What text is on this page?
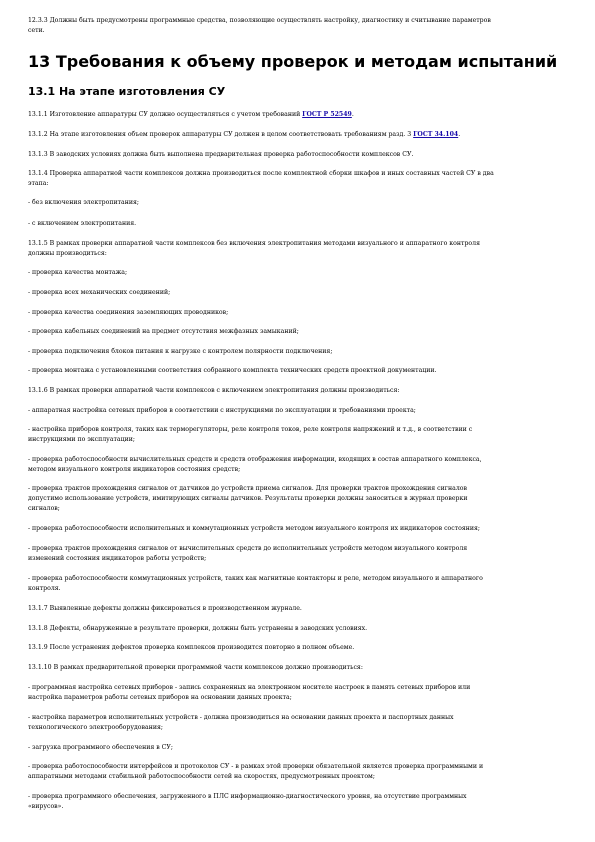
12.3.3 Должны быть предусмотрены программные средства, позволяющие осуществлять настройку, диагностику и считывание параметров
сети.

13 Требования к объему проверок и методам испытаний
13.1 На этапе изготовления СУ

13.1.1 Изготовление аппаратуры СУ должно осуществляться с учетом требований ГОСТ Р 52549.

13.1.2 На этапе изготовления объем проверок аппаратуры СУ должен в целом соответствовать требованиям разд. 3 ГОСТ 34.104.

13.1.3 В заводских условиях должна быть выполнена предварительная проверка работоспособности комплексов СУ.

13.1.4 Проверка аппаратной части комплексов должна производиться после комплектной сборки шкафов и иных составных частей СУ в два
этапа:

- без включения электропитания;

- с включением электропитания.

13.1.5 В рамках проверки аппаратной части комплексов без включения электропитания методами визуального и аппаратного контроля
должны производиться:

- проверка качества монтажа;

- проверка всех механических соединений;

- проверка качества соединения заземляющих проводников;

- проверка кабельных соединений на предмет отсутствия межфазных замыканий;

- проверка подключения блоков питания к нагрузке с контролем полярности подключения;

- проверка монтажа с установленными соответствия собранного комплекта технических средств проектной документации.

13.1.6 В рамках проверки аппаратной части комплексов с включением электропитания должны производиться:

- аппаратная настройка сетевых приборов в соответствии с инструкциями по эксплуатации и требованиями проекта;

- настройка приборов контроля, таких как терморегуляторы, реле контроля токов, реле контроля напряжений и т.д., в соответствии с
инструкциями по эксплуатации;

- проверка работоспособности вычислительных средств и средств отображения информации, входящих в состав аппаратного комплекса,
методом визуального контроля индикаторов состояния средств;

- проверка трактов прохождения сигналов от датчиков до устройств приема сигналов. Для проверки трактов прохождения сигналов
допустимо использование устройств, имитирующих сигналы датчиков. Результаты проверки должны заноситься в журнал проверки
сигналов;

- проверка работоспособности исполнительных и коммутационных устройств методом визуального контроля их индикаторов состояния;

- проверка трактов прохождения сигналов от вычислительных средств до исполнительных устройств методом визуального контроля
изменений состояния индикаторов работы устройств;

- проверка работоспособности коммутационных устройств, таких как магнитные контакторы и реле, методом визуального и аппаратного
контроля.

13.1.7 Выявленные дефекты должны фиксироваться в производственном журнале.

13.1.8 Дефекты, обнаруженные в результате проверки, должны быть устранены в заводских условиях.

13.1.9 После устранения дефектов проверка комплексов производится повторно в полном объеме.

13.1.10 В рамках предварительной проверки программной части комплексов должно производиться:

- программная настройка сетевых приборов - запись сохраненных на электронном носителе настроек в память сетевых приборов или
настройка параметров работы сетевых приборов на основании данных проекта;

- настройка параметров исполнительных устройств - должна производиться на основании данных проекта и паспортных данных
технологического электрооборудования;

- загрузка программного обеспечения в СУ;

- проверка работоспособности интерфейсов и протоколов СУ - в рамках этой проверки обязательной является проверка программными и
аппаратными методами стабильной работоспособности сетей на скоростях, предусмотренных проектом;

- проверка программного обеспечения, загруженного в ПЛС информационно-диагностического уровня, на отсутствие программных
«вирусов».
